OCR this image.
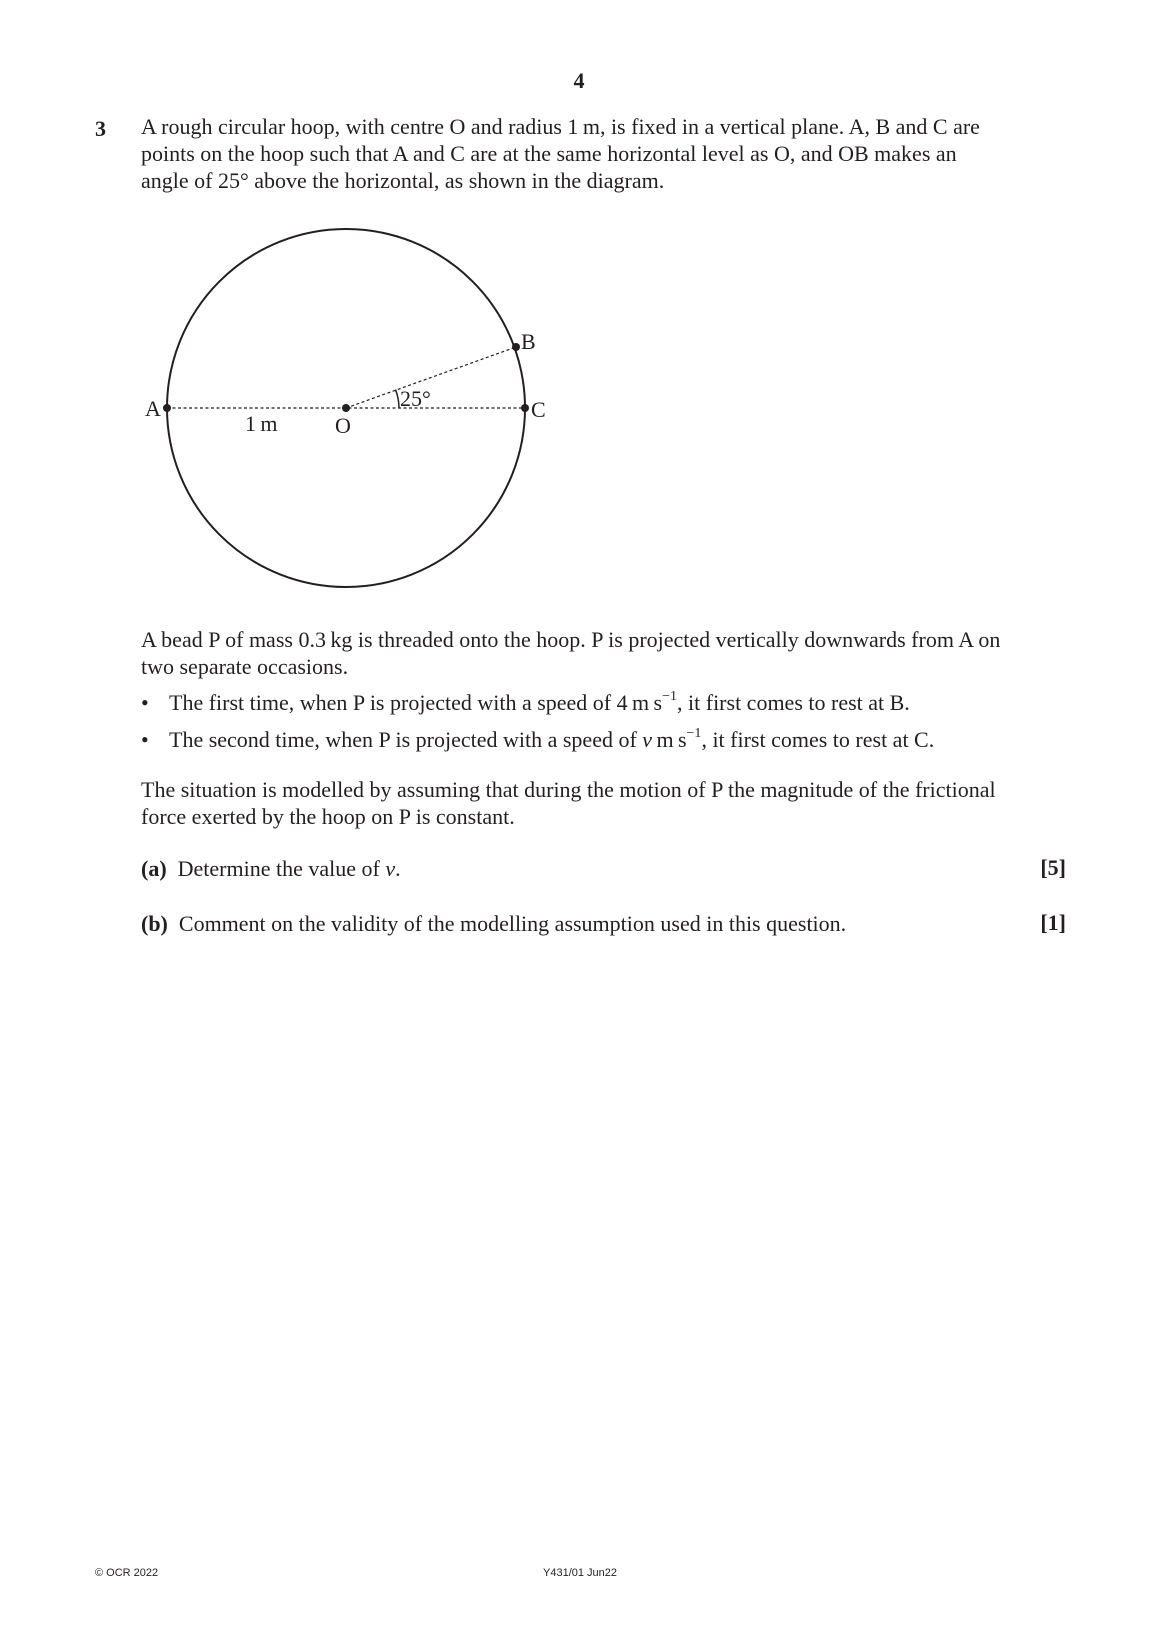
4
3 A rough circular hoop, with centre O and radius 1 m, is fixed in a vertical plane. A, B and C are
points on the hoop such that A and C are at the same horizontal level as O, and OB makes an
angle of 25° above the horizontal, as shown in the diagram.
A
O
C
B
1 m
25°
A bead P of mass 0.3 kg is threaded onto the hoop. P is projected vertically downwards from A on
two separate occasions.
• The first time, when P is projected with a speed of 4 m $s^{-1}$, it first comes to rest at B.
• The second time, when P is projected with a speed of v m $s^{-1}$, it first comes to rest at C.
The situation is modelled by assuming that during the motion of P the magnitude of the frictional
force exerted by the hoop on P is constant.
(a) Determine the value of v.	[5]
(b) Comment on the validity of the modelling assumption used in this question.	[1]
© OCR 2022	Y431/01 Jun22
